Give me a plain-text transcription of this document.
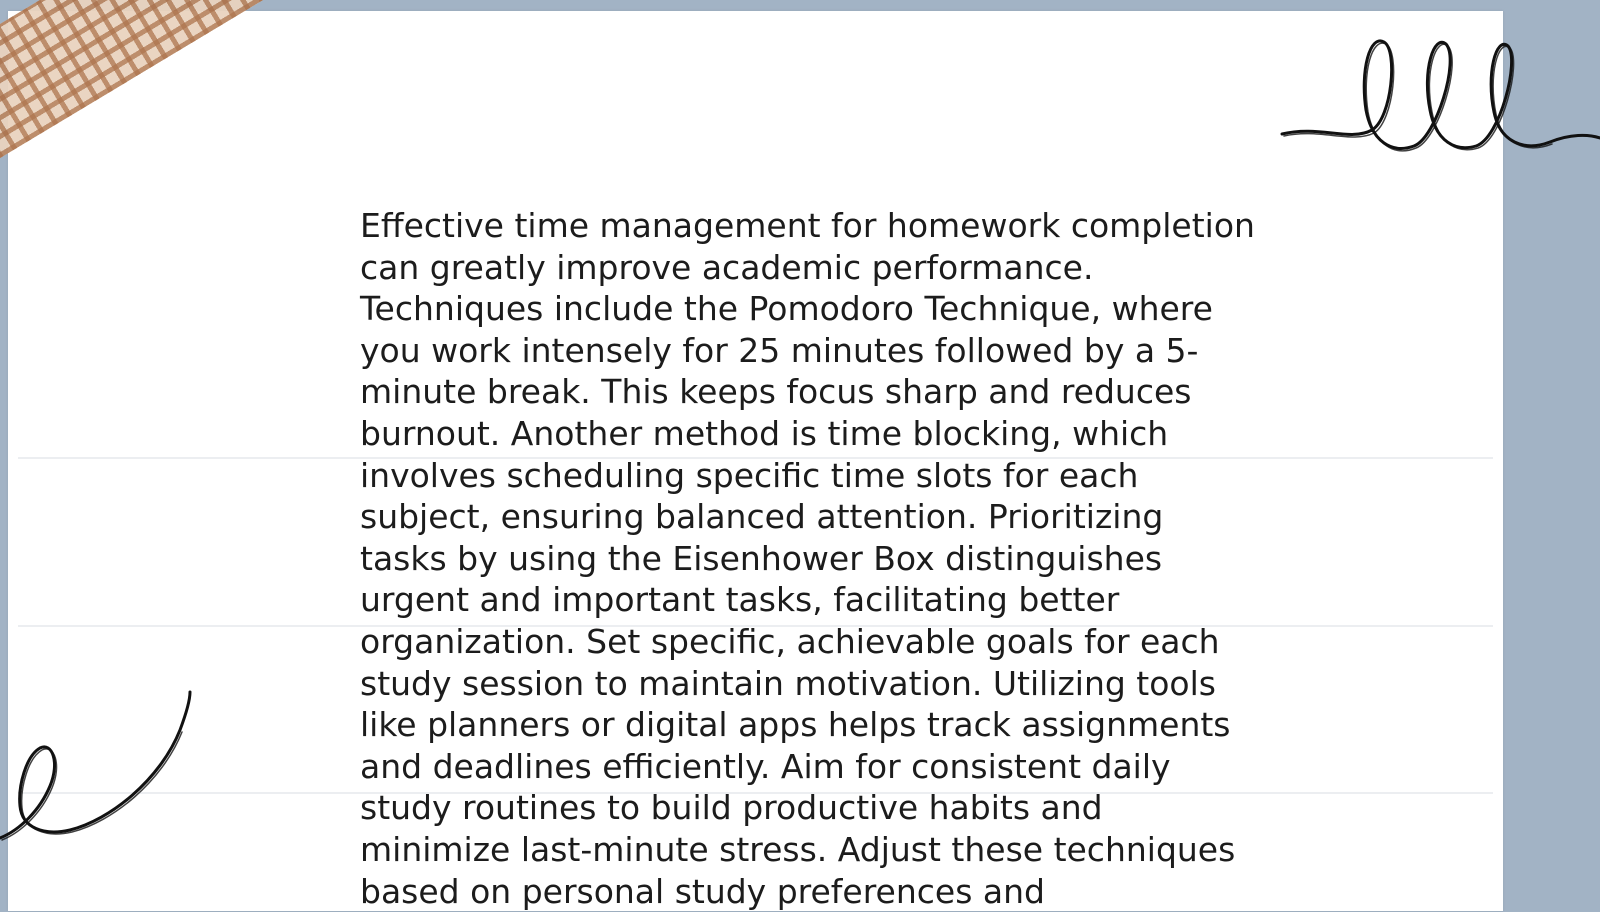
Effective time management for homework completion can greatly improve academic performance. Techniques include the Pomodoro Technique, where you work intensely for 25 minutes followed by a 5-minute break. This keeps focus sharp and reduces burnout. Another method is time blocking, which involves scheduling specific time slots for each subject, ensuring balanced attention. Prioritizing tasks by using the Eisenhower Box distinguishes urgent and important tasks, facilitating better organization. Set specific, achievable goals for each study session to maintain motivation. Utilizing tools like planners or digital apps helps track assignments and deadlines efficiently. Aim for consistent daily study routines to build productive habits and minimize last-minute stress. Adjust these techniques based on personal study preferences and
